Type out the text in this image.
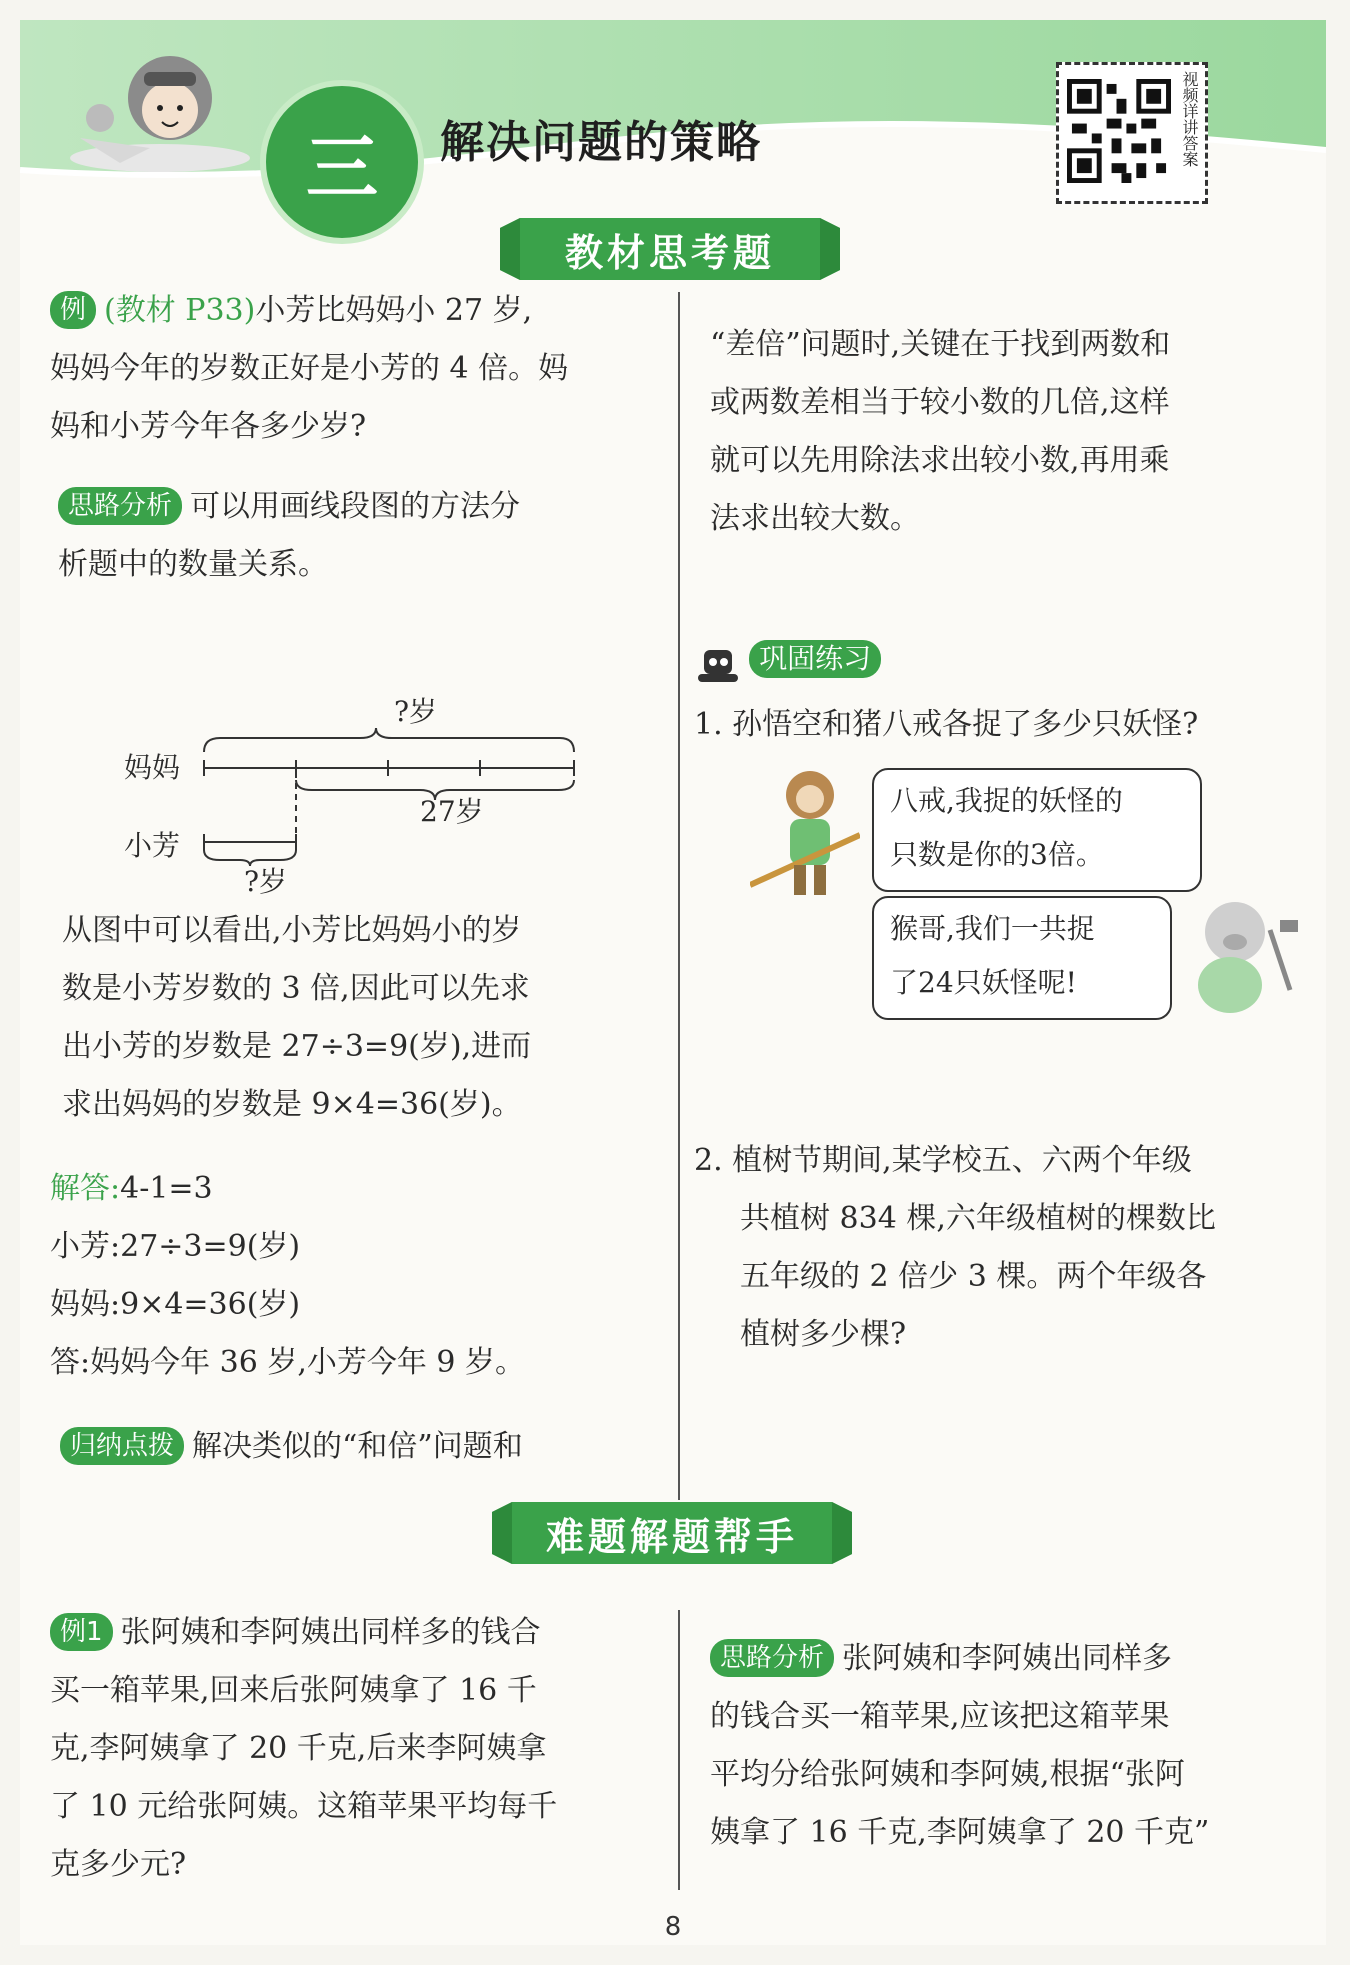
三	解决问题的策略	视频详讲答案
教材思考题
例 (教材 P33)小芳比妈妈小 27 岁,
妈妈今年的岁数正好是小芳的 4 倍。妈
妈和小芳今年各多少岁?
思路分析 可以用画线段图的方法分
析题中的数量关系。
?岁
妈妈
小芳
27岁
?岁
从图中可以看出,小芳比妈妈小的岁
数是小芳岁数的 3 倍,因此可以先求
出小芳的岁数是 27÷3=9(岁),进而
求出妈妈的岁数是 9×4=36(岁)。
解答:4-1=3
小芳:27÷3=9(岁)
妈妈:9×4=36(岁)
答:妈妈今年 36 岁,小芳今年 9 岁。
归纳点拨 解决类似的“和倍”问题和
“差倍”问题时,关键在于找到两数和
或两数差相当于较小数的几倍,这样
就可以先用除法求出较小数,再用乘
法求出较大数。
巩固练习
1. 孙悟空和猪八戒各捉了多少只妖怪?
八戒,我捉的妖怪的
只数是你的3倍。
猴哥,我们一共捉
了24只妖怪呢!
2. 植树节期间,某学校五、六两个年级
共植树 834 棵,六年级植树的棵数比
五年级的 2 倍少 3 棵。两个年级各
植树多少棵?
难题解题帮手
例1 张阿姨和李阿姨出同样多的钱合
买一箱苹果,回来后张阿姨拿了 16 千
克,李阿姨拿了 20 千克,后来李阿姨拿
了 10 元给张阿姨。这箱苹果平均每千
克多少元?
思路分析 张阿姨和李阿姨出同样多
的钱合买一箱苹果,应该把这箱苹果
平均分给张阿姨和李阿姨,根据“张阿
姨拿了 16 千克,李阿姨拿了 20 千克”
8
